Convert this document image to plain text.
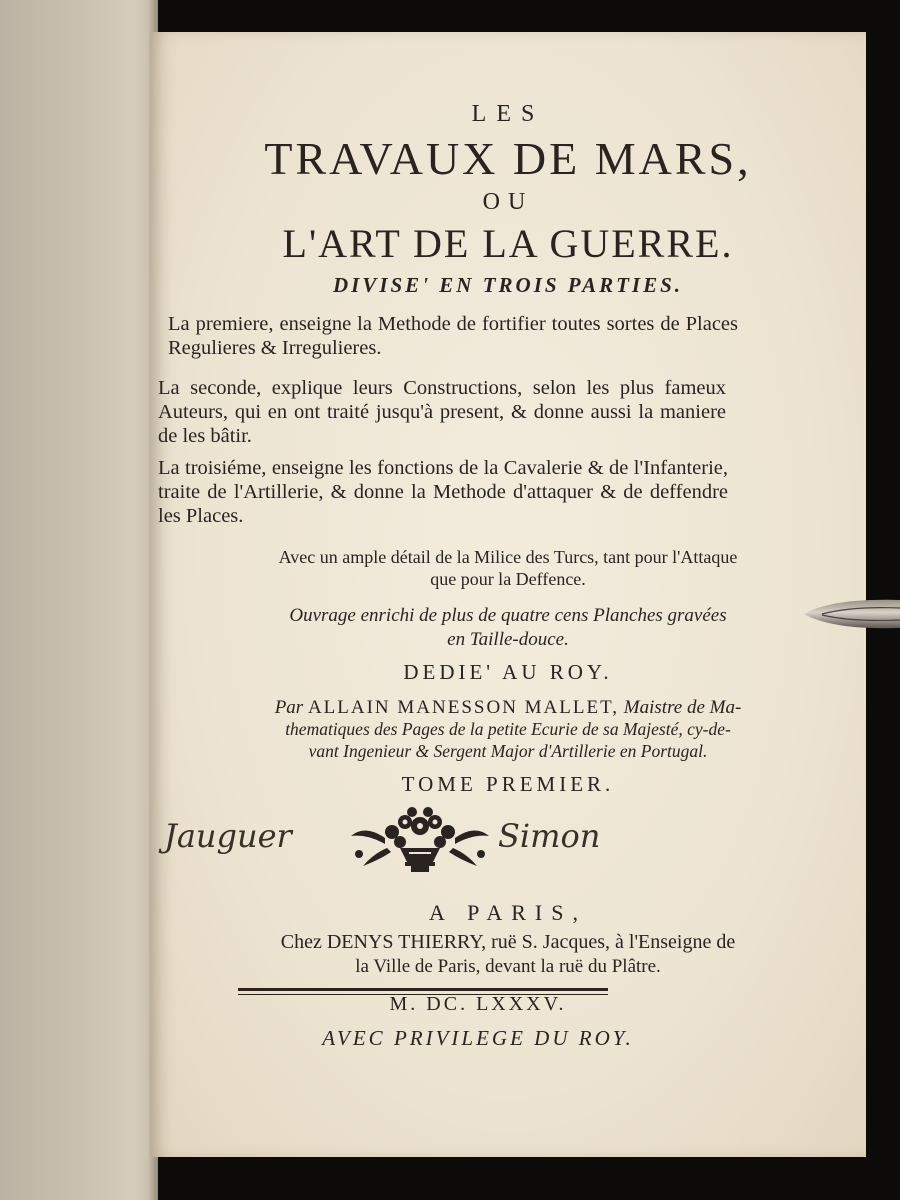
LES
TRAVAUX DE MARS,
OU
L'ART DE LA GUERRE.
DIVISE' EN TROIS PARTIES.
La premiere, enseigne la Methode de fortifier toutes sortes de Places Regulieres & Irregulieres.
La seconde, explique leurs Constructions, selon les plus fameux Auteurs, qui en ont traité jusqu'à present, & donne aussi la maniere de les bâtir.
La troisiéme, enseigne les fonctions de la Cavalerie & de l'Infanterie, traite de l'Artillerie, & donne la Methode d'attaquer & de deffendre les Places.
Avec un ample détail de la Milice des Turcs, tant pour l'Attaque
que pour la Deffence.
Ouvrage enrichi de plus de quatre cens Planches gravées
en Taille-douce.
DEDIE' AU ROY.
Par ALLAIN MANESSON MALLET, Maistre de Ma-
thematiques des Pages de la petite Ecurie de sa Majesté, cy-de-
vant Ingenieur & Sergent Major d'Artillerie en Portugal.
TOME PREMIER.
Jauguer	Simon
A PARIS,
Chez DENYS THIERRY, ruë S. Jacques, à l'Enseigne de
la Ville de Paris, devant la ruë du Plâtre.
M. DC. LXXXV.
AVEC PRIVILEGE DU ROY.
